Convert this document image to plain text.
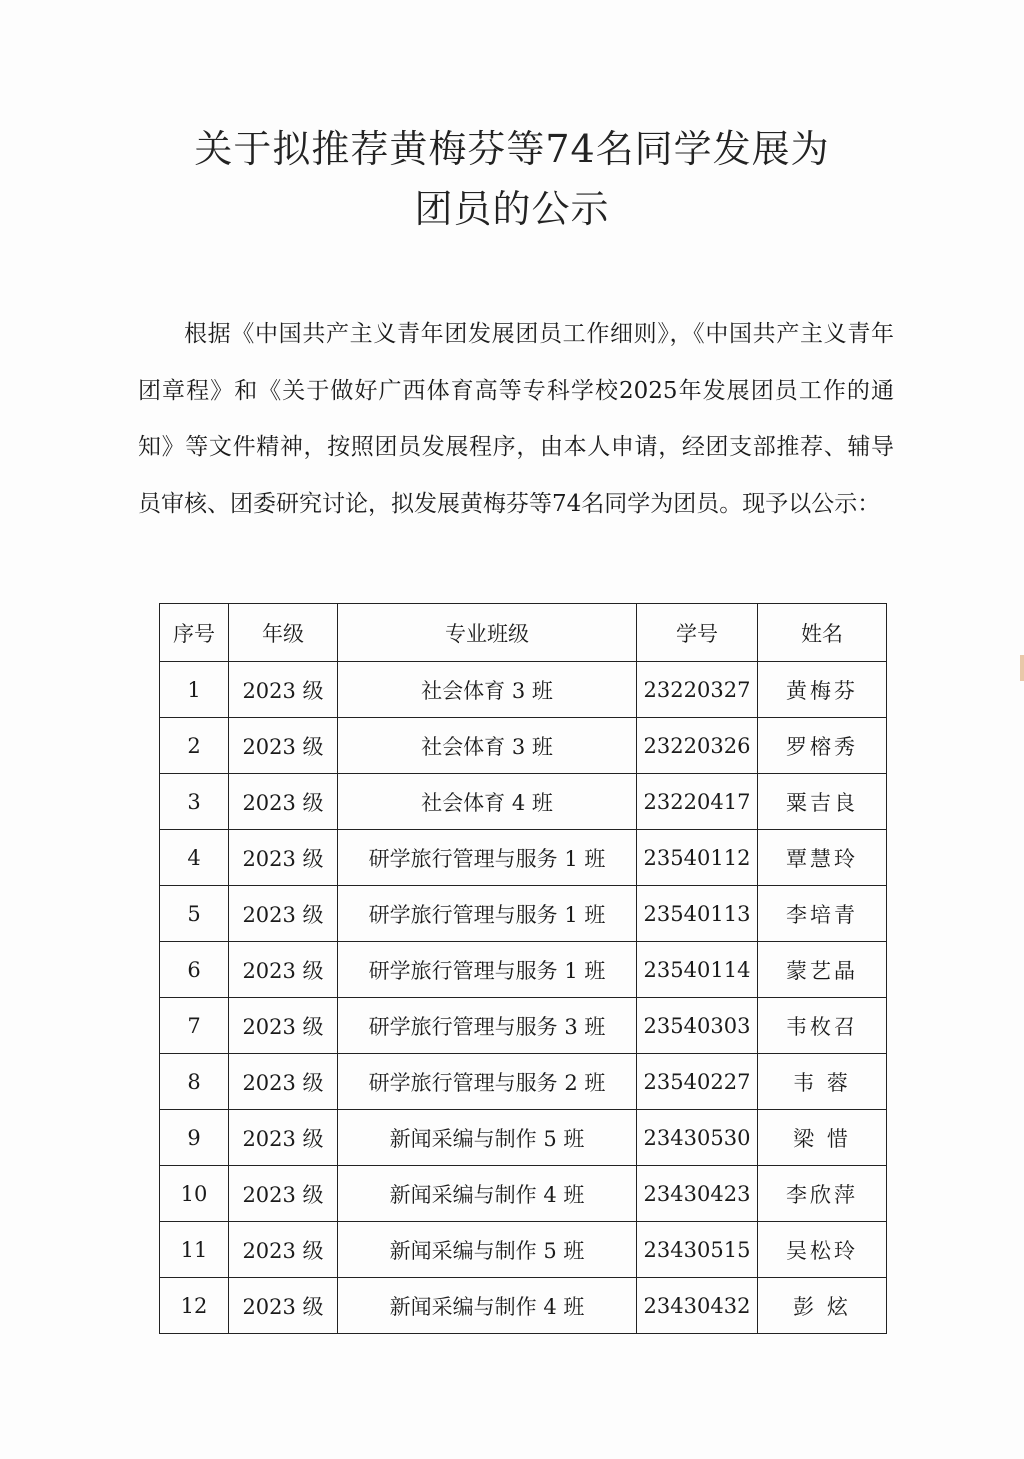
关于拟推荐黄梅芬等74名同学发展为
团员的公示

根据《中国共产主义青年团发展团员工作细则》，《中国共产主义青年团章程》和《关于做好广西体育高等专科学校2025年发展团员工作的通知》等文件精神，按照团员发展程序，由本人申请，经团支部推荐、辅导员审核、团委研究讨论，拟发展黄梅芬等74名同学为团员。现予以公示：

序号	年级	专业班级	学号	姓名
1	2023 级	社会体育 3 班	23220327	黄梅芬
2	2023 级	社会体育 3 班	23220326	罗榕秀
3	2023 级	社会体育 4 班	23220417	粟吉良
4	2023 级	研学旅行管理与服务 1 班	23540112	覃慧玲
5	2023 级	研学旅行管理与服务 1 班	23540113	李培青
6	2023 级	研学旅行管理与服务 1 班	23540114	蒙艺晶
7	2023 级	研学旅行管理与服务 3 班	23540303	韦枚召
8	2023 级	研学旅行管理与服务 2 班	23540227	韦 蓉
9	2023 级	新闻采编与制作 5 班	23430530	梁 惜
10	2023 级	新闻采编与制作 4 班	23430423	李欣萍
11	2023 级	新闻采编与制作 5 班	23430515	吴松玲
12	2023 级	新闻采编与制作 4 班	23430432	彭 炫
